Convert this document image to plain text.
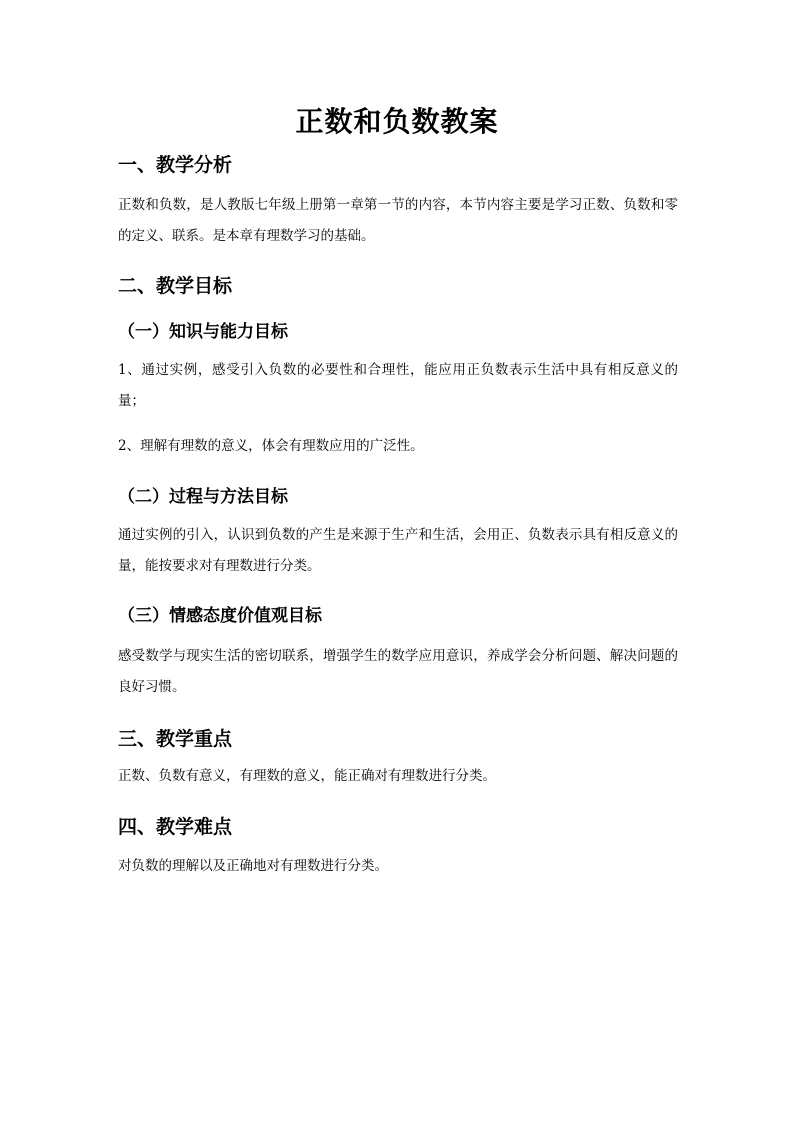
正数和负数教案
一、教学分析

正数和负数，是人教版七年级上册第一章第一节的内容，本节内容主要是学习正数、负数和零的定义、联系。是本章有理数学习的基础。

二、教学目标
（一）知识与能力目标

1、通过实例，感受引入负数的必要性和合理性，能应用正负数表示生活中具有相反意义的量；

2、理解有理数的意义，体会有理数应用的广泛性。

（二）过程与方法目标

通过实例的引入，认识到负数的产生是来源于生产和生活，会用正、负数表示具有相反意义的量，能按要求对有理数进行分类。

（三）情感态度价值观目标

感受数学与现实生活的密切联系，增强学生的数学应用意识，养成学会分析问题、解决问题的良好习惯。

三、教学重点

正数、负数有意义，有理数的意义，能正确对有理数进行分类。

四、教学难点

对负数的理解以及正确地对有理数进行分类。
